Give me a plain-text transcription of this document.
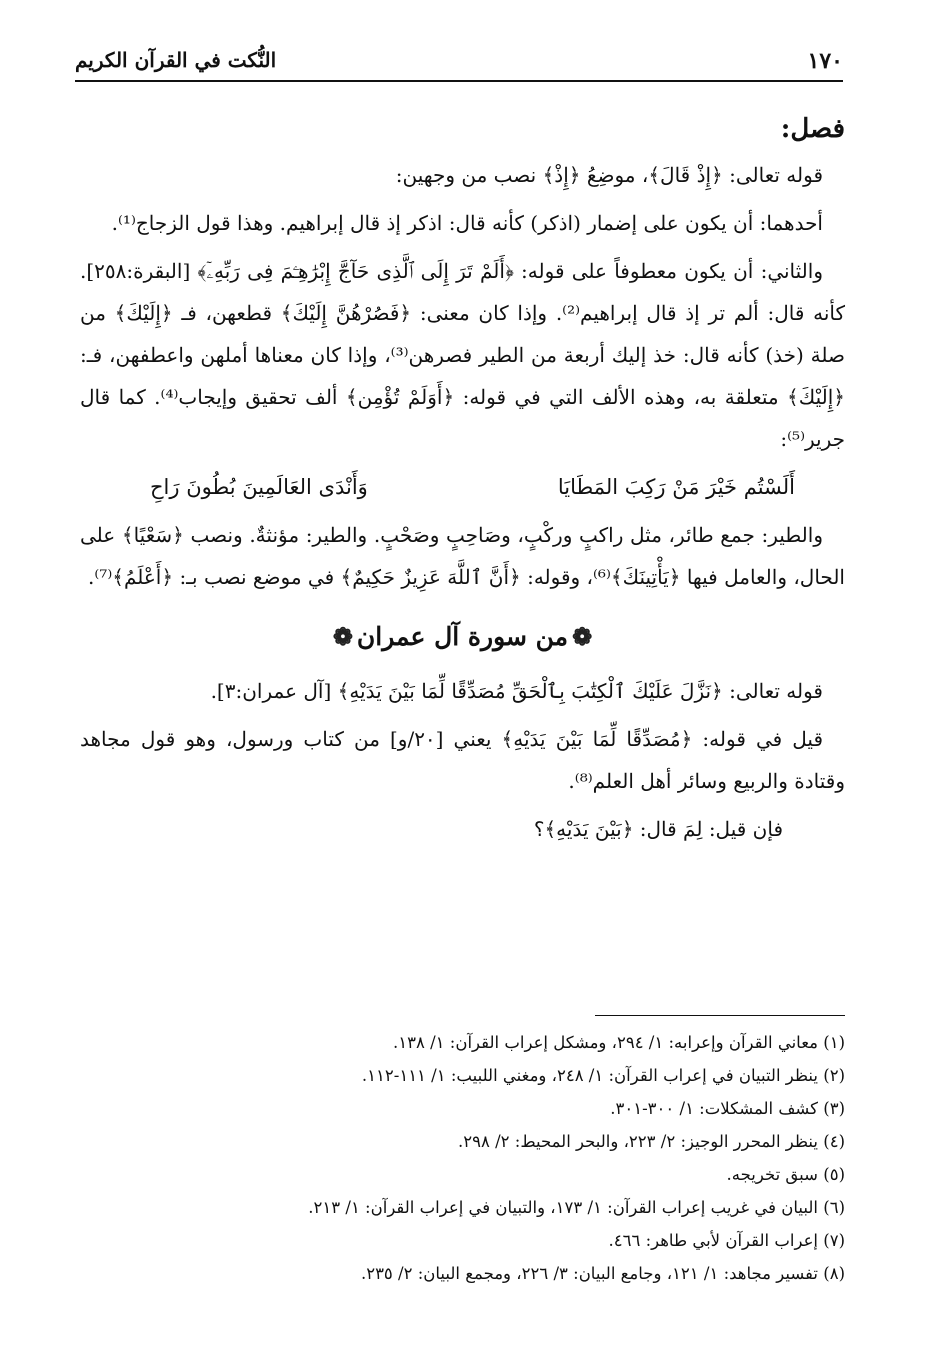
١٧٠
النُّكت في القرآن الكريم
فصل:

قوله تعالى: ﴿إِذْ قَالَ﴾، موضِعُ ﴿إِذْ﴾ نصب من وجهين:

أحدهما: أن يكون على إضمار (اذكر) كأنه قال: اذكر إذ قال إبراهيم. وهذا قول الزجاج⁽¹⁾.

والثاني: أن يكون معطوفاً على قوله: ﴿أَلَمْ تَرَ إِلَى ٱلَّذِى حَآجَّ إِبْرَٰهِـۧمَ فِى رَبِّهِۦٓ﴾ [البقرة:٢٥٨]. كأنه قال: ألم تر إذ قال إبراهيم⁽²⁾. وإذا كان معنى: ﴿فَصُرْهُنَّ إِلَيْكَ﴾ قطعهن، فـ ﴿إِلَيْكَ﴾ من صلة (خذ) كأنه قال: خذ إليك أربعة من الطير فصرهن⁽³⁾، وإذا كان معناها أملهن واعطفهن، فـ: ﴿إِلَيْكَ﴾ متعلقة به، وهذه الألف التي في قوله: ﴿أَوَلَمْ تُؤْمِن﴾ ألف تحقيق وإيجاب⁽⁴⁾. كما قال جرير⁽⁵⁾:

أَلَسْتُم خَيْرَ مَنْ رَكِبَ المَطَايَا
وَأَنْدَى العَالَمِينَ بُطُونَ رَاحِ

والطير: جمع طائر، مثل راكبٍ وركْبٍ، وصَاحِبٍ وصَحْبٍ. والطير: مؤنثةٌ. ونصب ﴿سَعْيًا﴾ على الحال، والعامل فيها ﴿يَأْتِينَكَ﴾⁽⁶⁾، وقوله: ﴿أَنَّ ٱللَّهَ عَزِيزٌ حَكِيمٌ﴾ في موضع نصب بـ: ﴿أَعْلَمُ﴾⁽⁷⁾.

❁من سورة آل عمران❁

قوله تعالى: ﴿نَزَّلَ عَلَيْكَ ٱلْكِتَٰبَ بِٱلْحَقِّ مُصَدِّقًا لِّمَا بَيْنَ يَدَيْهِ﴾ [آل عمران:٣].

قيل في قوله: ﴿مُصَدِّقًا لِّمَا بَيْنَ يَدَيْهِ﴾ يعني [٢٠/و] من كتاب ورسول، وهو قول مجاهد وقتادة والربيع وسائر أهل العلم⁽⁸⁾.

فإن قيل: لِمَ قال: ﴿بَيْنَ يَدَيْهِ﴾؟

(١) معاني القرآن وإعرابه: ١/ ٢٩٤، ومشكل إعراب القرآن: ١/ ١٣٨.

(٢) ينظر التبيان في إعراب القرآن: ١/ ٢٤٨، ومغني اللبيب: ١/ ١١١-١١٢.

(٣) كشف المشكلات: ١/ ٣٠٠-٣٠١.

(٤) ينظر المحرر الوجيز: ٢/ ٢٢٣، والبحر المحيط: ٢/ ٢٩٨.

(٥) سبق تخريجه.

(٦) البيان في غريب إعراب القرآن: ١/ ١٧٣، والتبيان في إعراب القرآن: ١/ ٢١٣.

(٧) إعراب القرآن لأبي طاهر: ٤٦٦.

(٨) تفسير مجاهد: ١/ ١٢١، وجامع البيان: ٣/ ٢٢٦، ومجمع البيان: ٢/ ٢٣٥.
